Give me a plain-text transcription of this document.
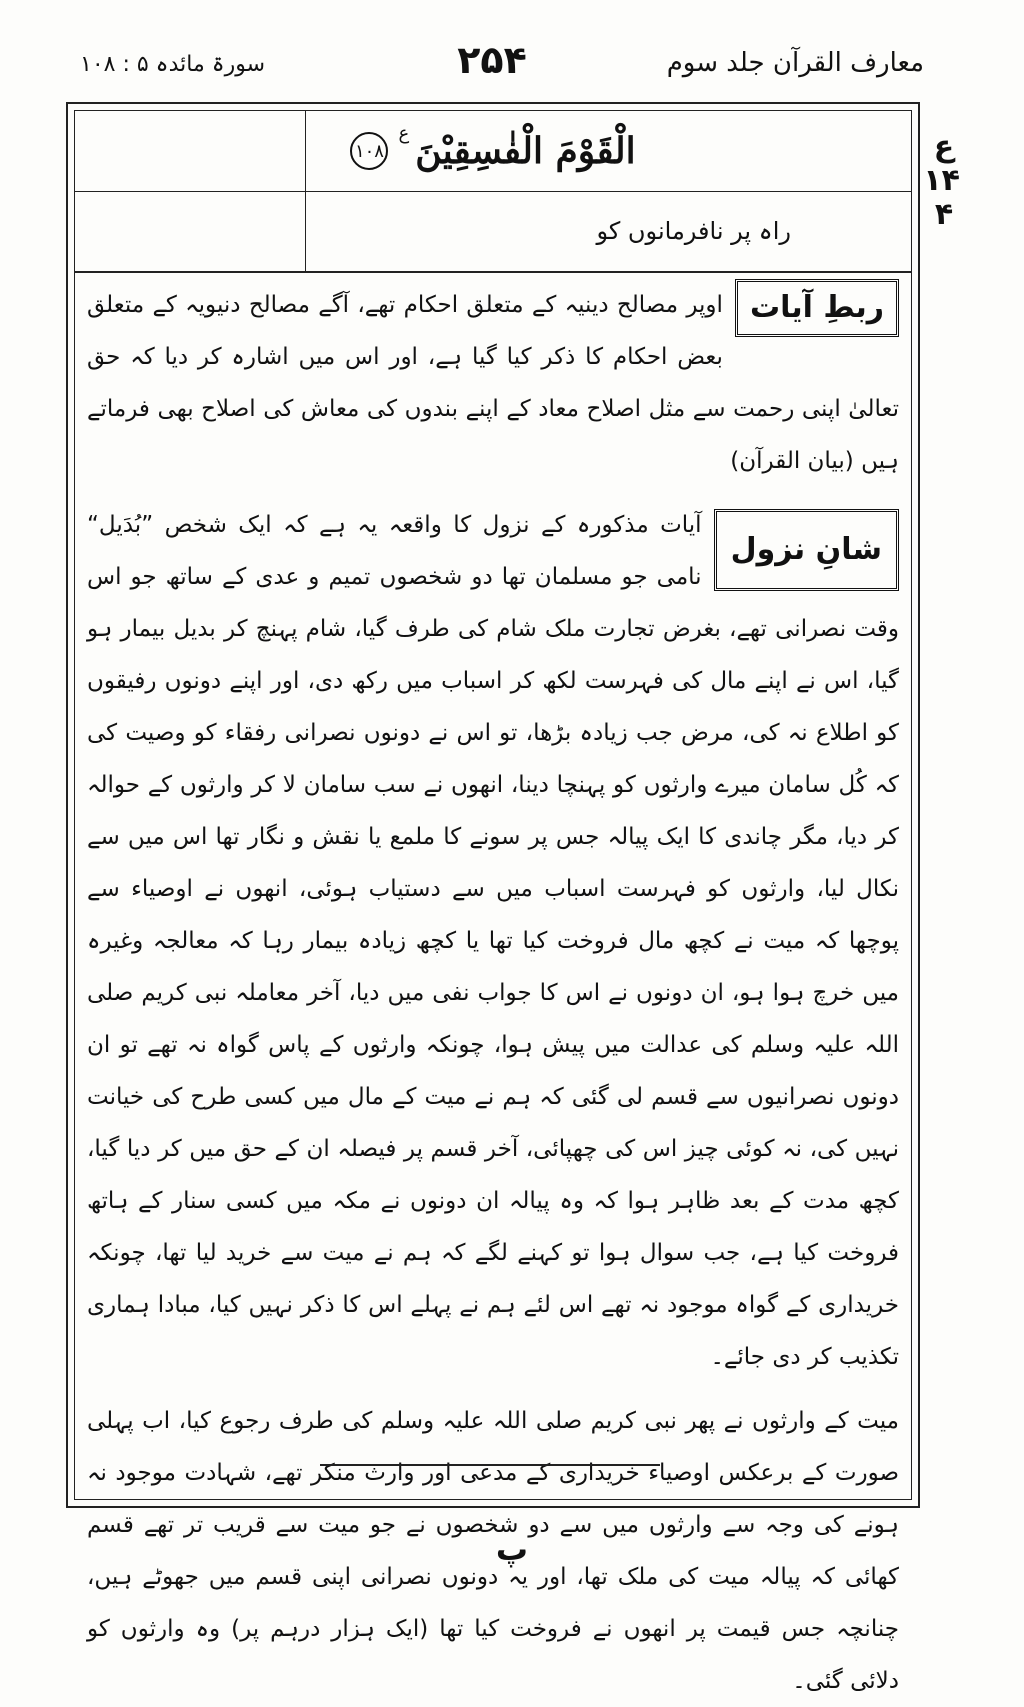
معارف القرآن جلد سوم
۲۵۴
سورۃ مائدہ ۵ : ۱۰۸
ع ۱۴ ۴
الْقَوْمَ الْفٰسِقِیْنَ
ع
۱۰۸
راہ پر نافرمانوں کو

ربطِ آیات
اوپر مصالح دینیہ کے متعلق احکام تھے، آگے مصالح دنیویہ کے متعلق بعض احکام کا ذکر کیا گیا ہے، اور اس میں اشارہ کر دیا کہ حق تعالیٰ اپنی رحمت سے مثل اصلاح معاد کے اپنے بندوں کی معاش کی اصلاح بھی فرماتے ہیں (بیان القرآن)

شانِ نزول
آیات مذکورہ کے نزول کا واقعہ یہ ہے کہ ایک شخص ”بُدَیل“ نامی جو مسلمان تھا دو شخصوں تمیم و عدی کے ساتھ جو اس وقت نصرانی تھے، بغرض تجارت ملک شام کی طرف گیا، شام پہنچ کر بدیل بیمار ہو گیا، اس نے اپنے مال کی فہرست لکھ کر اسباب میں رکھ دی، اور اپنے دونوں رفیقوں کو اطلاع نہ کی، مرض جب زیادہ بڑھا، تو اس نے دونوں نصرانی رفقاء کو وصیت کی کہ کُل سامان میرے وارثوں کو پہنچا دینا، انھوں نے سب سامان لا کر وارثوں کے حوالہ کر دیا، مگر چاندی کا ایک پیالہ جس پر سونے کا ملمع یا نقش و نگار تھا اس میں سے نکال لیا، وارثوں کو فہرست اسباب میں سے دستیاب ہوئی، انھوں نے اوصیاء سے پوچھا کہ میت نے کچھ مال فروخت کیا تھا یا کچھ زیادہ بیمار رہا کہ معالجہ وغیرہ میں خرچ ہوا ہو، ان دونوں نے اس کا جواب نفی میں دیا، آخر معاملہ نبی کریم صلی اللہ علیہ وسلم کی عدالت میں پیش ہوا، چونکہ وارثوں کے پاس گواہ نہ تھے تو ان دونوں نصرانیوں سے قسم لی گئی کہ ہم نے میت کے مال میں کسی طرح کی خیانت نہیں کی، نہ کوئی چیز اس کی چھپائی، آخر قسم پر فیصلہ ان کے حق میں کر دیا گیا، کچھ مدت کے بعد ظاہر ہوا کہ وہ پیالہ ان دونوں نے مکہ میں کسی سنار کے ہاتھ فروخت کیا ہے، جب سوال ہوا تو کہنے لگے کہ ہم نے میت سے خرید لیا تھا، چونکہ خریداری کے گواہ موجود نہ تھے اس لئے ہم نے پہلے اس کا ذکر نہیں کیا، مبادا ہماری تکذیب کر دی جائے۔

میت کے وارثوں نے پھر نبی کریم صلی اللہ علیہ وسلم کی طرف رجوع کیا، اب پہلی صورت کے برعکس اوصیاء خریداری کے مدعی اور وارث منکر تھے، شہادت موجود نہ ہونے کی وجہ سے وارثوں میں سے دو شخصوں نے جو میت سے قریب تر تھے قسم کھائی کہ پیالہ میت کی ملک تھا، اور یہ دونوں نصرانی اپنی قسم میں جھوٹے ہیں، چنانچہ جس قیمت پر انھوں نے فروخت کیا تھا (ایک ہزار درہم پر) وہ وارثوں کو دلائی گئی۔

پ
